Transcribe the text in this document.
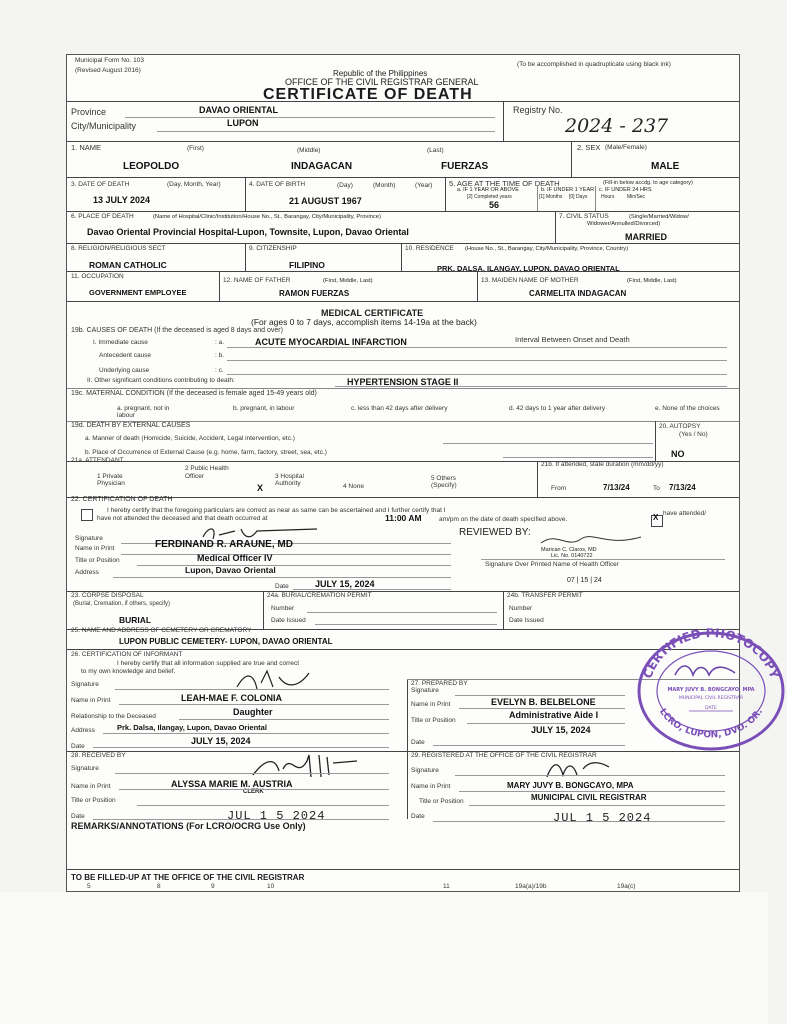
Municipal Form No. 103
(Revised August 2016)
(To be accomplished in quadruplicate using black ink)
Republic of the Philippines
OFFICE OF THE CIVIL REGISTRAR GENERAL
CERTIFICATE OF DEATH
Province	DAVAO ORIENTAL
City/Municipality	LUPON
Registry No.
2024 - 237
1. NAME	(First)	(Middle)	(Last)
LEOPOLDO	INDAGACAN	FUERZAS
2. SEX (Male/Female)
MALE
3. DATE OF DEATH	(Day, Month, Year)
13 JULY 2024
4. DATE OF BIRTH	(Day)	(Month)	(Year)
21 AUGUST 1967
5. AGE AT THE TIME OF DEATH	(Fill-in below accdg. to age category)
a. IF 1 YEAR OR ABOVE
[2] Completed years
56
b. IF UNDER 1 YEAR
[1] Months [0] Days
c. IF UNDER 24 HRS
Hours	Min/Sec
6. PLACE OF DEATH	(Name of Hospital/Clinic/Institution/House No., St., Barangay, City/Municipality, Province)
Davao Oriental Provincial Hospital-Lupon, Townsite, Lupon, Davao Oriental
7. CIVIL STATUS	(Single/Married/Widow/
Widower/Annulled/Divorced)
MARRIED
8. RELIGION/RELIGIOUS SECT
ROMAN CATHOLIC
9. CITIZENSHIP
FILIPINO
10. RESIDENCE (House No., St., Barangay, City/Municipality, Province, Country)
PRK. DALSA, ILANGAY, LUPON, DAVAO ORIENTAL
11. OCCUPATION
GOVERNMENT EMPLOYEE
12. NAME OF FATHER	(First, Middle, Last)
RAMON FUERZAS
13. MAIDEN NAME OF MOTHER	(First, Middle, Last)
CARMELITA INDAGACAN
MEDICAL CERTIFICATE
(For ages 0 to 7 days, accomplish items 14-19a at the back)
19b. CAUSES OF DEATH (If the deceased is aged 8 days and over)
Interval Between Onset and Death
I. Immediate cause	: a.	ACUTE MYOCARDIAL INFARCTION
Antecedent cause	: b.
Underlying cause	: c.
II. Other significant conditions contributing to death:	HYPERTENSION STAGE II
19c. MATERNAL CONDITION (If the deceased is female aged 15-49 years old)
a. pregnant, not in labour
b. pregnant, in labour	c. less than 42 days after delivery	d. 42 days to 1 year after delivery	e. None of the choices
19d. DEATH BY EXTERNAL CAUSES
a. Manner of death (Homicide, Suicide, Accident, Legal intervention, etc.)
b. Place of Occurrence of External Cause (e.g. home, farm, factory, street, sea, etc.)
20. AUTOPSY
(Yes / No)
NO
21a. ATTENDANT
1 Private Physician
2 Public Health Officer
X
3 Hospital Authority	4 None
5 Others (Specify)
21b. If attended, state duration (mm/dd/yy)
From	7/13/24	To 7/13/24
22. CERTIFICATION OF DEATH
I hereby certify that the foregoing particulars are correct as near as same can be ascertained and I further certify that I
have not attended the deceased and that death occurred at	11:00 AM	am/pm on the date of death specified above.	X have attended/
Signature
Name in Print	FERDINAND R. ARAUNE, MD
Title or Position	Medical Officer IV
Address	Lupon, Davao Oriental
Date	JULY 15, 2024
REVIEWED BY:
Marican C. Claros, MD
Lic. No. 0140722
Signature Over Printed Name of Health Officer
07 | 15 | 24
23. CORPSE DISPOSAL
(Burial, Cremation, if others, specify)
BURIAL
24a. BURIAL/CREMATION PERMIT
Number
Date Issued
24b. TRANSFER PERMIT
Number
Date Issued
25. NAME AND ADDRESS OF CEMETERY OR CREMATORY
LUPON PUBLIC CEMETERY- LUPON, DAVAO ORIENTAL
26. CERTIFICATION OF INFORMANT
I hereby certify that all information supplied are true and correct
to my own knowledge and belief.
Signature
Name in Print	LEAH-MAE F. COLONIA
Relationship to the Deceased	Daughter
Address	Prk. Dalsa, Ilangay, Lupon, Davao Oriental
JULY 15, 2024
Date
27. PREPARED BY
Signature
Name in Print	EVELYN B. BELBELONE
Title or Position
Administrative Aide I
JULY 15, 2024
Date
28. RECEIVED BY
Signature
Name in Print	ALYSSA MARIE M. AUSTRIA
CLERK
Title or Position
Date	JUL 1 5 2024
29. REGISTERED AT THE OFFICE OF THE CIVIL REGISTRAR
Signature
Name in Print	MARY JUVY B. BONGCAYO, MPA
Title or Position	MUNICIPAL CIVIL REGISTRAR
Date	JUL 1 5 2024
REMARKS/ANNOTATIONS (For LCRO/OCRG Use Only)
TO BE FILLED-UP AT THE OFFICE OF THE CIVIL REGISTRAR
5	8	9	10	11	19a(a)/19b	19a(c)
CERTIFIED PHOTOCOPY
LCRO, LUPON, DVO. OR.
MARY JUVY B. BONGCAYO, MPA
MUNICIPAL CIVIL REGISTRAR
DATE
